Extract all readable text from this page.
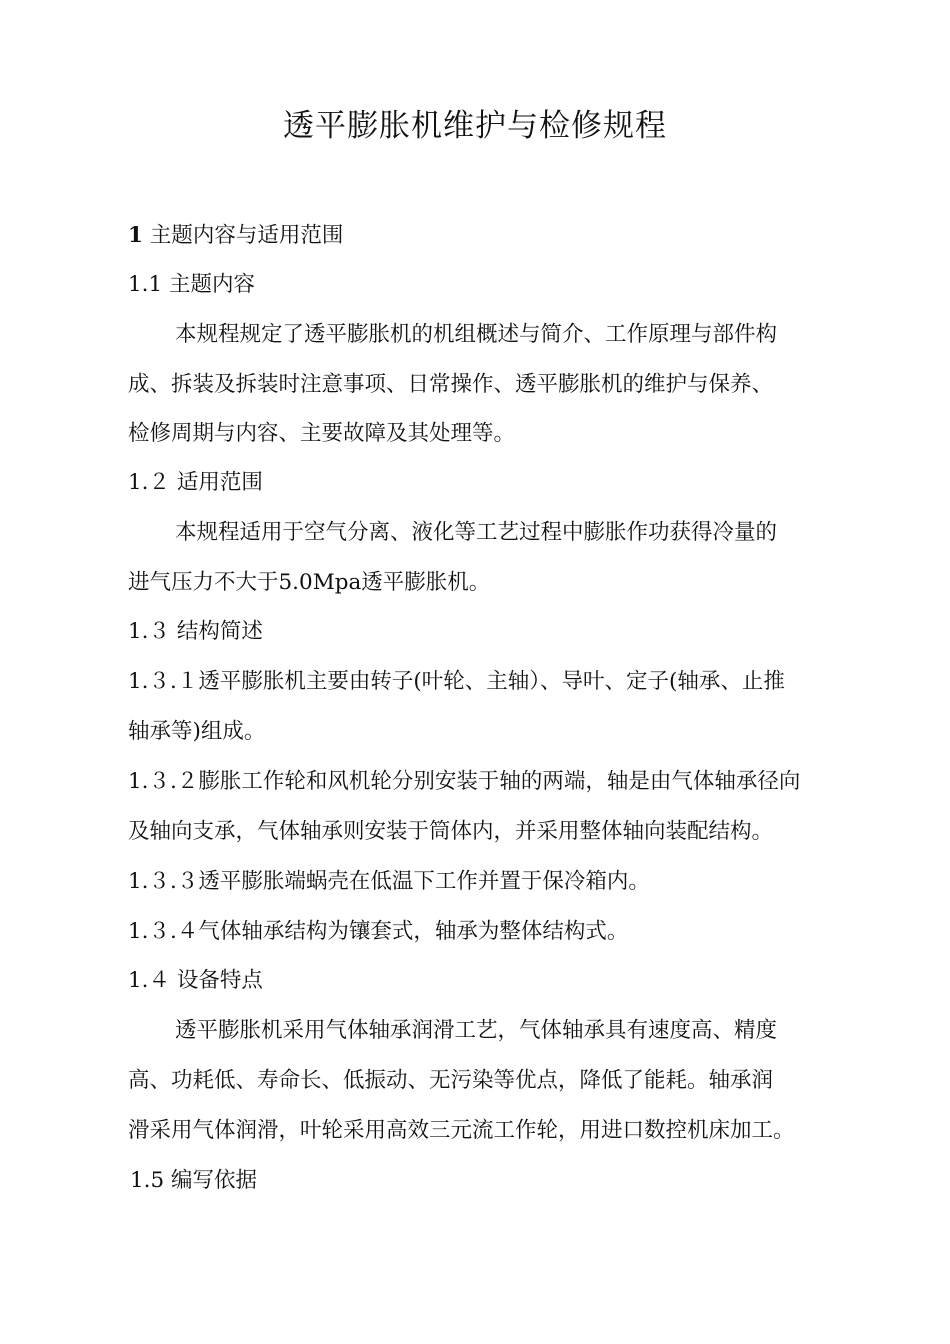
透平膨胀机维护与检修规程
1 主题内容与适用范围
1.1 主题内容
本规程规定了透平膨胀机的机组概述与简介、工作原理与部件构
成、拆装及拆装时注意事项、日常操作、透平膨胀机的维护与保养、
检修周期与内容、主要故障及其处理等。
1.２ 适用范围
本规程适用于空气分离、液化等工艺过程中膨胀作功获得冷量的
进气压力不大于5.0Mpa透平膨胀机。
1.３ 结构简述
1.３.１透平膨胀机主要由转子(叶轮、主轴）、导叶、定子(轴承、止推
轴承等)组成。
1.３.２膨胀工作轮和风机轮分别安装于轴的两端，轴是由气体轴承径向
及轴向支承，气体轴承则安装于筒体内，并采用整体轴向装配结构。
1.３.３透平膨胀端蜗壳在低温下工作并置于保冷箱内。
1.３.４气体轴承结构为镶套式，轴承为整体结构式。
1.４ 设备特点
透平膨胀机采用气体轴承润滑工艺，气体轴承具有速度高、精度
高、功耗低、寿命长、低振动、无污染等优点，降低了能耗。轴承润
滑采用气体润滑，叶轮采用高效三元流工作轮，用进口数控机床加工。
1.5 编写依据
